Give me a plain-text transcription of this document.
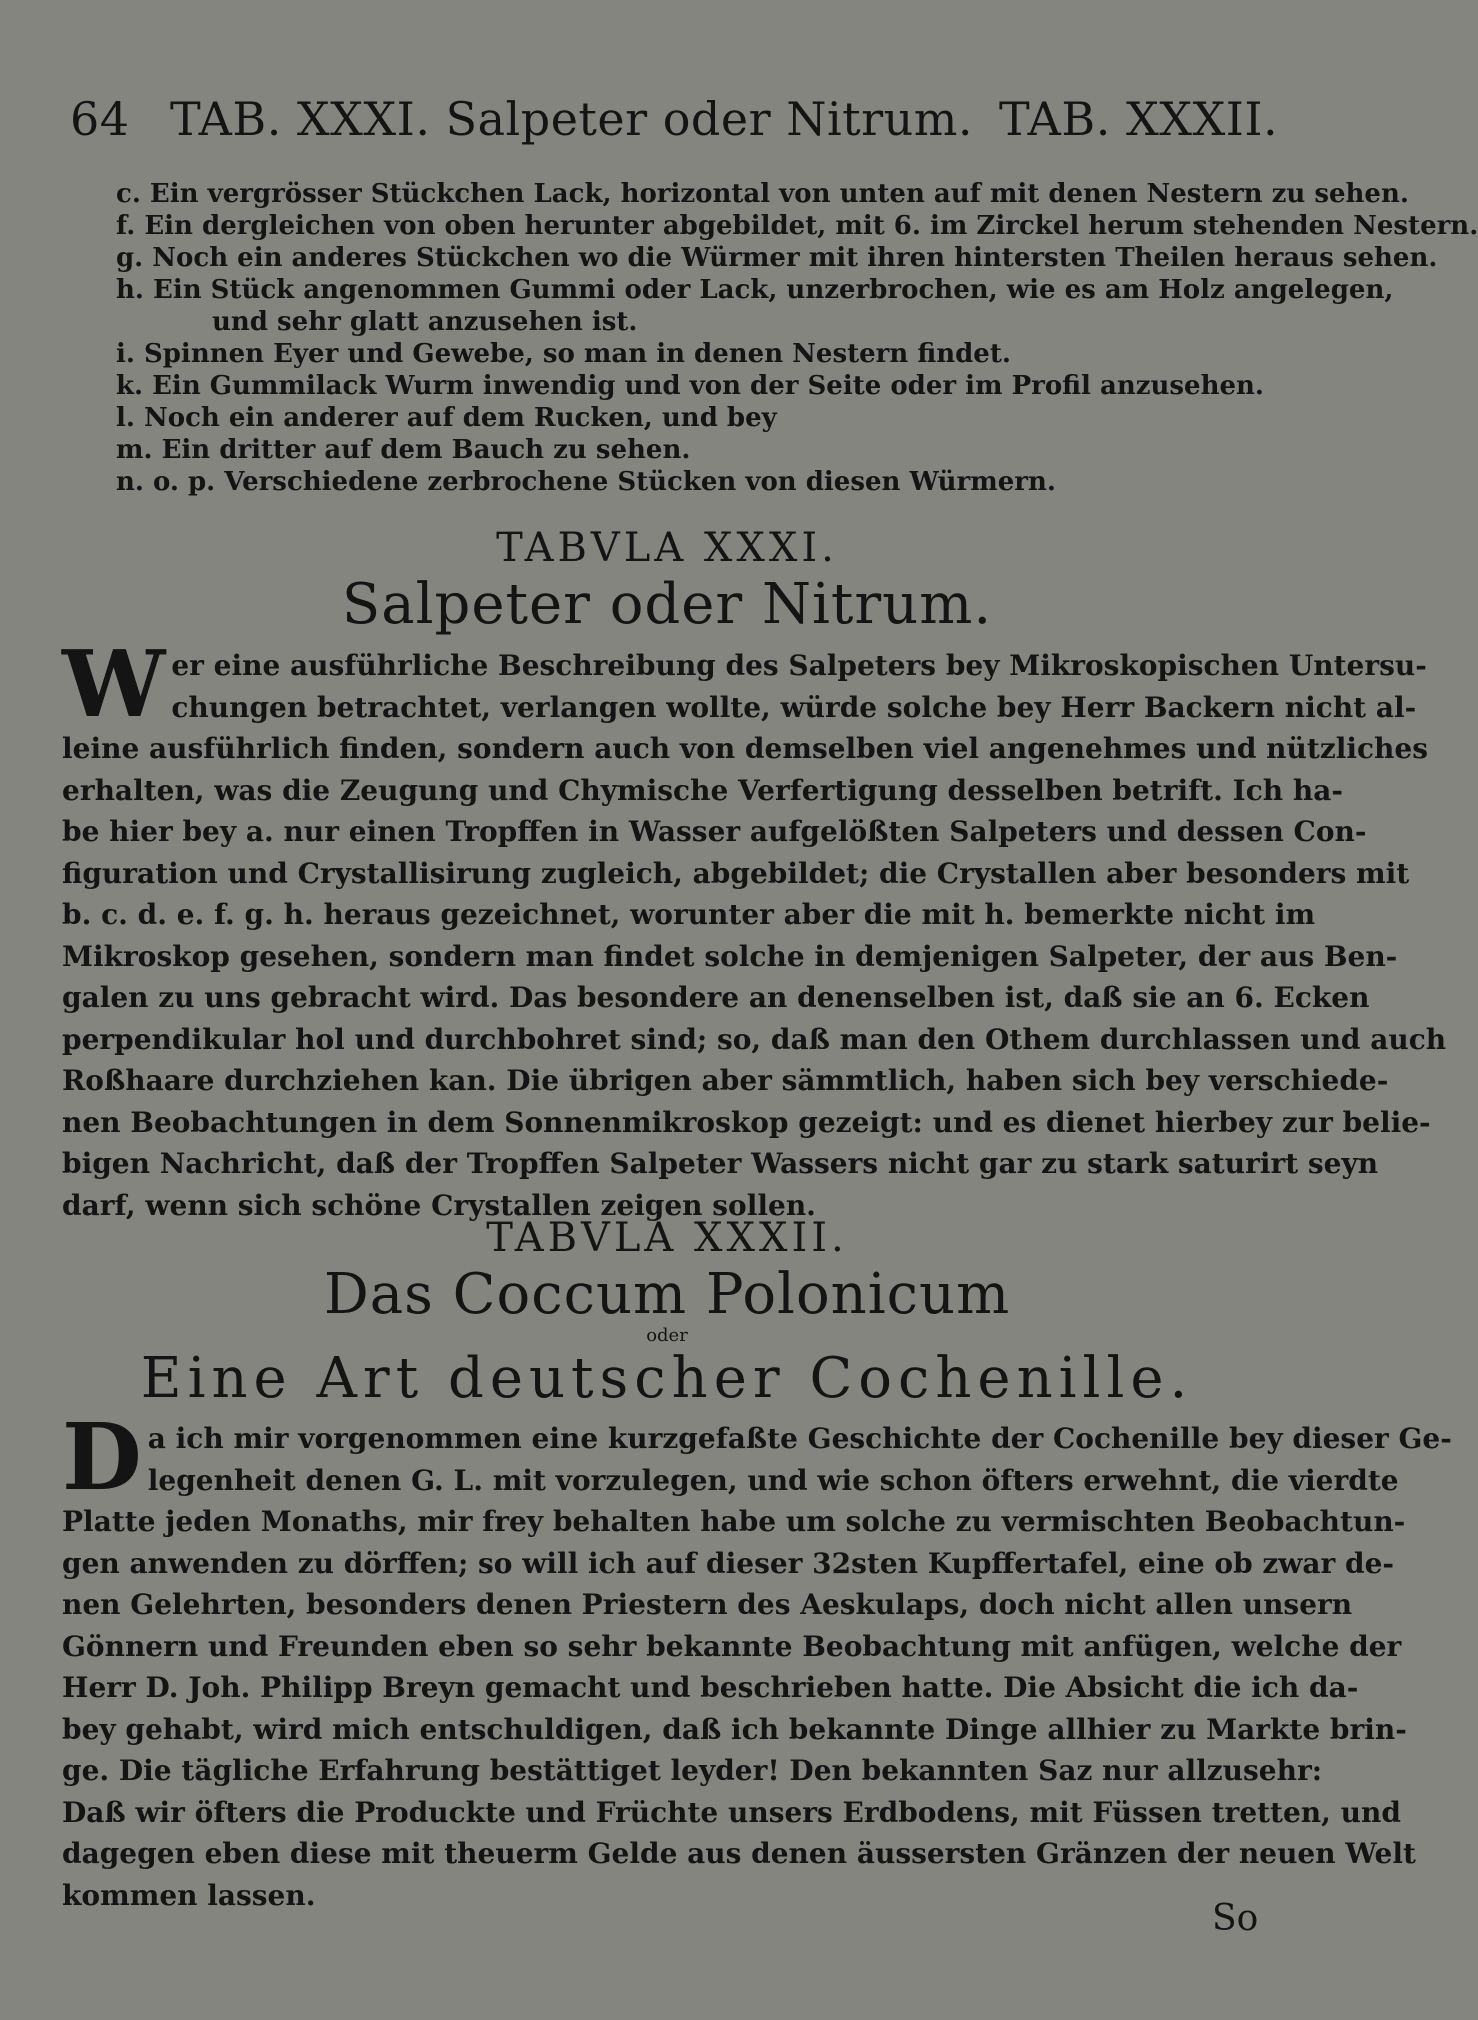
64 TAB. XXXI. Salpeter oder Nitrum. TAB. XXXII.
c. Ein vergrösser Stückchen Lack, horizontal von unten auf mit denen Nestern zu sehen.
f. Ein dergleichen von oben herunter abgebildet, mit 6. im Zirckel herum stehenden Nestern.
g. Noch ein anderes Stückchen wo die Würmer mit ihren hintersten Theilen heraus sehen.
h. Ein Stück angenommen Gummi oder Lack, unzerbrochen, wie es am Holz angelegen,
und sehr glatt anzusehen ist.
i. Spinnen Eyer und Gewebe, so man in denen Nestern findet.
k. Ein Gummilack Wurm inwendig und von der Seite oder im Profil anzusehen.
l. Noch ein anderer auf dem Rucken, und bey
m. Ein dritter auf dem Bauch zu sehen.
n. o. p. Verschiedene zerbrochene Stücken von diesen Würmern.
TABVLA XXXI.
Salpeter oder Nitrum.
W er eine ausführliche Beschreibung des Salpeters bey Mikroskopischen Untersu-
chungen betrachtet, verlangen wollte, würde solche bey Herr Backern nicht al-
leine ausführlich finden, sondern auch von demselben viel angenehmes und nützliches
erhalten, was die Zeugung und Chymische Verfertigung desselben betrift. Ich ha-
be hier bey a. nur einen Tropffen in Wasser aufgelößten Salpeters und dessen Con-
figuration und Crystallisirung zugleich, abgebildet; die Crystallen aber besonders mit
b. c. d. e. f. g. h. heraus gezeichnet, worunter aber die mit h. bemerkte nicht im
Mikroskop gesehen, sondern man findet solche in demjenigen Salpeter, der aus Ben-
galen zu uns gebracht wird. Das besondere an denenselben ist, daß sie an 6. Ecken
perpendikular hol und durchbohret sind; so, daß man den Othem durchlassen und auch
Roßhaare durchziehen kan. Die übrigen aber sämmtlich, haben sich bey verschiede-
nen Beobachtungen in dem Sonnenmikroskop gezeigt: und es dienet hierbey zur belie-
bigen Nachricht, daß der Tropffen Salpeter Wassers nicht gar zu stark saturirt seyn
darf, wenn sich schöne Crystallen zeigen sollen.
TABVLA XXXII.
Das Coccum Polonicum
oder
Eine Art deutscher Cochenille.
D a ich mir vorgenommen eine kurzgefaßte Geschichte der Cochenille bey dieser Ge-
legenheit denen G. L. mit vorzulegen, und wie schon öfters erwehnt, die vierdte
Platte jeden Monaths, mir frey behalten habe um solche zu vermischten Beobachtun-
gen anwenden zu dörffen; so will ich auf dieser 32sten Kupffertafel, eine ob zwar de-
nen Gelehrten, besonders denen Priestern des Aeskulaps, doch nicht allen unsern
Gönnern und Freunden eben so sehr bekannte Beobachtung mit anfügen, welche der
Herr D. Joh. Philipp Breyn gemacht und beschrieben hatte. Die Absicht die ich da-
bey gehabt, wird mich entschuldigen, daß ich bekannte Dinge allhier zu Markte brin-
ge. Die tägliche Erfahrung bestättiget leyder! Den bekannten Saz nur allzusehr:
Daß wir öfters die Produckte und Früchte unsers Erdbodens, mit Füssen tretten, und
dagegen eben diese mit theuerm Gelde aus denen äussersten Gränzen der neuen Welt
kommen lassen.
So
